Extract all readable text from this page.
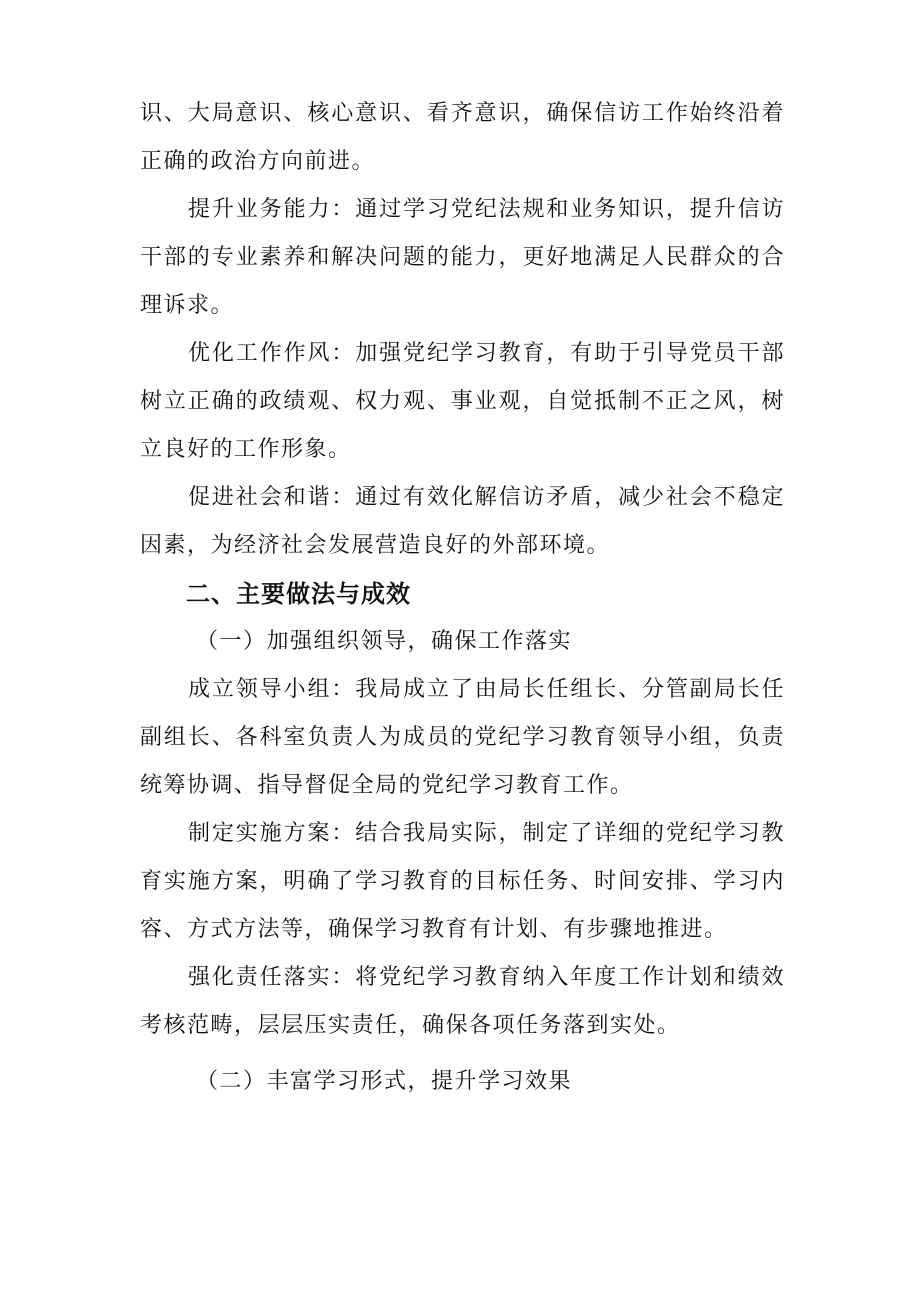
识、大局意识、核心意识、看齐意识，确保信访工作始终沿着正确的政治方向前进。

提升业务能力：通过学习党纪法规和业务知识，提升信访干部的专业素养和解决问题的能力，更好地满足人民群众的合理诉求。

优化工作作风：加强党纪学习教育，有助于引导党员干部树立正确的政绩观、权力观、事业观，自觉抵制不正之风，树立良好的工作形象。

促进社会和谐：通过有效化解信访矛盾，减少社会不稳定因素，为经济社会发展营造良好的外部环境。

二、主要做法与成效

（一）加强组织领导，确保工作落实

成立领导小组：我局成立了由局长任组长、分管副局长任副组长、各科室负责人为成员的党纪学习教育领导小组，负责统筹协调、指导督促全局的党纪学习教育工作。

制定实施方案：结合我局实际，制定了详细的党纪学习教育实施方案，明确了学习教育的目标任务、时间安排、学习内容、方式方法等，确保学习教育有计划、有步骤地推进。

强化责任落实：将党纪学习教育纳入年度工作计划和绩效考核范畴，层层压实责任，确保各项任务落到实处。

（二）丰富学习形式，提升学习效果
